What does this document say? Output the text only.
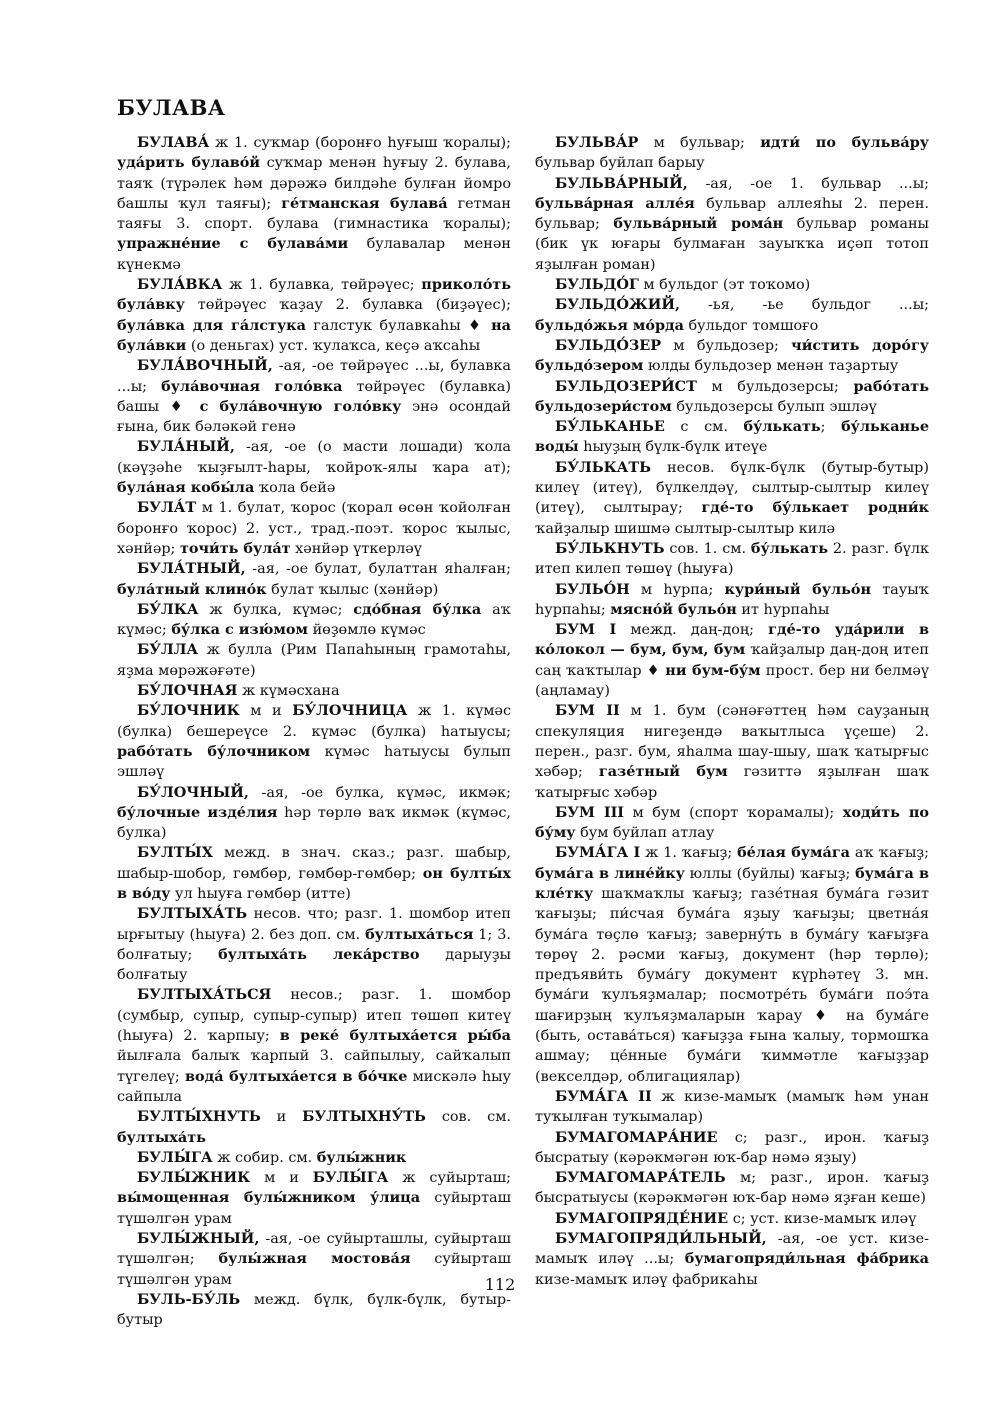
БУЛАВА

БУЛАВА́ ж 1. суҡмар (боронғо һуғыш ҡоралы); уда́рить булаво́й суҡмар менән һуғыу 2. булава, таяҡ (түрәлек һәм дәрәжә билдәһе булған йомро башлы ҡул таяғы); ге́тманская булава́ гетман таяғы 3. спорт. булава (гимнастика ҡоралы); упражне́ние с булава́ми булавалар менән күнекмә

БУЛА́ВКА ж 1. булавка, төйрәүес; приколо́ть була́вку төйрәүес ҡаҙау 2. булавка (биҙәүес); була́вка для га́лстука галстук булавкаһы ♦ на була́вки (о деньгах) уст. ҡулаҡса, кеҫә аҡсаһы

БУЛА́ВОЧНЫЙ, -ая, -ое төйрәүес ...ы, булавка ...ы; була́вочная голо́вка төйрәүес (булавка) башы ♦ с була́вочную голо́вку энә осондай ғына, бик бәләкәй генә

БУЛА́НЫЙ, -ая, -ое (о масти лошади) ҡола (кәүҙәһе ҡыҙғылт-һары, ҡойроҡ-ялы ҡара ат); була́ная кобы́ла ҡола бейә

БУЛА́Т м 1. булат, ҡорос (ҡорал өсөн ҡойолған боронғо ҡорос) 2. уст., трад.-поэт. ҡорос ҡылыс, хәнйәр; точи́ть була́т хәнйәр үткерләү

БУЛА́ТНЫЙ, -ая, -ое булат, булаттан яһалған; була́тный клино́к булат ҡылыс (хәнйәр)

БУ́ЛКА ж булка, күмәс; сдо́бная бу́лка аҡ күмәс; бу́лка с изю́мом йөҙөмлө күмәс

БУ́ЛЛА ж булла (Рим Папаһының грамотаһы, яҙма мөрәжәғәте)

БУ́ЛОЧНАЯ ж күмәсхана

БУ́ЛОЧНИК м и БУ́ЛОЧНИЦА ж 1. күмәс (булка) бешереүсе 2. күмәс (булка) һатыусы; рабо́тать бу́лочником күмәс һатыусы булып эшләү

БУ́ЛОЧНЫЙ, -ая, -ое булка, күмәс, икмәк; бу́лочные изде́лия һәр төрлө ваҡ икмәк (күмәс, булка)

БУЛТЫ́Х межд. в знач. сказ.; разг. шабыр, шабыр-шобор, гөмбөр, гөмбөр-гөмбөр; он булты́х в во́ду ул һыуға гөмбөр (итте)

БУЛТЫХА́ТЬ несов. что; разг. 1. шомбор итеп ырғытыу (һыуға) 2. без доп. см. бултыха́ться 1; 3. болғатыу; бултыха́ть лека́рство дарыуҙы болғатыу

БУЛТЫХА́ТЬСЯ несов.; разг. 1. шомбор (сумбыр, супыр, супыр-супыр) итеп төшөп китеү (һыуға) 2. ҡарпыу; в реке́ бултыха́ется ры́ба йылғала балыҡ ҡарпый 3. сайпылыу, сайҡалып түгелеү; вода́ бултыха́ется в бо́чке мискәлә һыу сайпыла

БУЛТЫ́ХНУТЬ и БУЛТЫХНУ́ТЬ сов. см. бултыха́ть

БУЛЫ́ГА ж собир. см. булы́жник

БУЛЫ́ЖНИК м и БУЛЫ́ГА ж суйырташ; вы́мощенная булы́жником у́лица суйырташ түшәлгән урам

БУЛЫ́ЖНЫЙ, -ая, -ое суйырташлы, суйырташ түшәлгән; булы́жная мостова́я суйырташ түшәлгән урам

БУЛЬ-БУ́ЛЬ межд. бүлк, бүлк-бүлк, бутыр-бутыр

БУЛЬВА́Р м бульвар; идти́ по бульва́ру бульвар буйлап барыу

БУЛЬВА́РНЫЙ, -ая, -ое 1. бульвар ...ы; бульва́рная алле́я бульвар аллеяһы 2. перен. бульвар; бульва́рный рома́н бульвар романы (бик үк юғары булмаған зауыҡҡа иҫәп тотоп яҙылған роман)

БУЛЬДО́Г м бульдог (эт тоҡомо)

БУЛЬДО́ЖИЙ, -ья, -ье бульдог ...ы; бульдо́жья мо́рда бульдог томшоғо

БУЛЬДО́ЗЕР м бульдозер; чи́стить доро́гу бульдо́зером юлды бульдозер менән таҙартыу

БУЛЬДОЗЕРИ́СТ м бульдозерсы; рабо́тать бульдозери́стом бульдозерсы булып эшләү

БУ́ЛЬКАНЬЕ с см. бу́лькать; бу́льканье воды́ һыуҙың бүлк-бүлк итеүе

БУ́ЛЬКАТЬ несов. бүлк-бүлк (бутыр-бутыр) килеү (итеү), бүлкелдәү, сылтыр-сылтыр килеү (итеү), сылтырау; где́-то бу́лькает родни́к ҡайҙалыр шишмә сылтыр-сылтыр килә

БУ́ЛЬКНУТЬ сов. 1. см. бу́лькать 2. разг. бүлк итеп килеп төшөү (һыуға)

БУЛЬО́Н м һурпа; кури́ный бульо́н тауыҡ һурпаһы; мясно́й бульо́н ит һурпаһы

БУМ I межд. даң-доң; где́-то уда́рили в ко́локол — бум, бум, бум ҡайҙалыр даң-доң итеп саң ҡаҡтылар ♦ ни бум-бу́м прост. бер ни белмәү (аңламау)

БУМ II м 1. бум (сәнәғәттең һәм сауҙаның спекуляция нигеҙендә ваҡытлыса үҫеше) 2. перен., разг. бум, яһалма шау-шыу, шаҡ ҡатырғыс хәбәр; газе́тный бум гәзиттә яҙылған шаҡ ҡатырғыс хәбәр

БУМ III м бум (спорт ҡорамалы); ходи́ть по бу́му бум буйлап атлау

БУМА́ГА I ж 1. ҡағыҙ; бе́лая бума́га аҡ ҡағыҙ; бума́га в лине́йку юллы (буйлы) ҡағыҙ; бума́га в кле́тку шаҡмаҡлы ҡағыҙ; газе́тная бума́га гәзит ҡағыҙы; пи́счая бума́га яҙыу ҡағыҙы; цветна́я бума́га төҫлө ҡағыҙ; заверну́ть в бума́гу ҡағыҙға төрөү 2. рәсми ҡағыҙ, документ (һәр төрлө); предъяви́ть бума́гу документ күрһәтеү 3. мн. бума́ги ҡулъяҙмалар; посмотре́ть бума́ги поэ́та шағирҙың ҡулъяҙмаларын ҡарау ♦ на бума́ге (быть, остава́ться) ҡағыҙҙа ғына ҡалыу, тормошҡа ашмау; це́нные бума́ги ҡиммәтле ҡағыҙҙар (векселдәр, облигациялар)

БУМА́ГА II ж кизе-мамыҡ (мамыҡ һәм унан туҡылған туҡымалар)

БУМАГОМАРА́НИЕ с; разг., ирон. ҡағыҙ бысратыу (кәрәкмәгән юҡ-бар нәмә яҙыу)

БУМАГОМАРА́ТЕЛЬ м; разг., ирон. ҡағыҙ бысратыусы (кәрәкмәгән юҡ-бар нәмә яҙған кеше)

БУМАГОПРЯДЕ́НИЕ с; уст. кизе-мамыҡ иләү

БУМАГОПРЯДИ́ЛЬНЫЙ, -ая, -ое уст. кизе-мамыҡ иләү ...ы; бумагопряди́льная фа́брика кизе-мамыҡ иләү фабрикаһы

112
